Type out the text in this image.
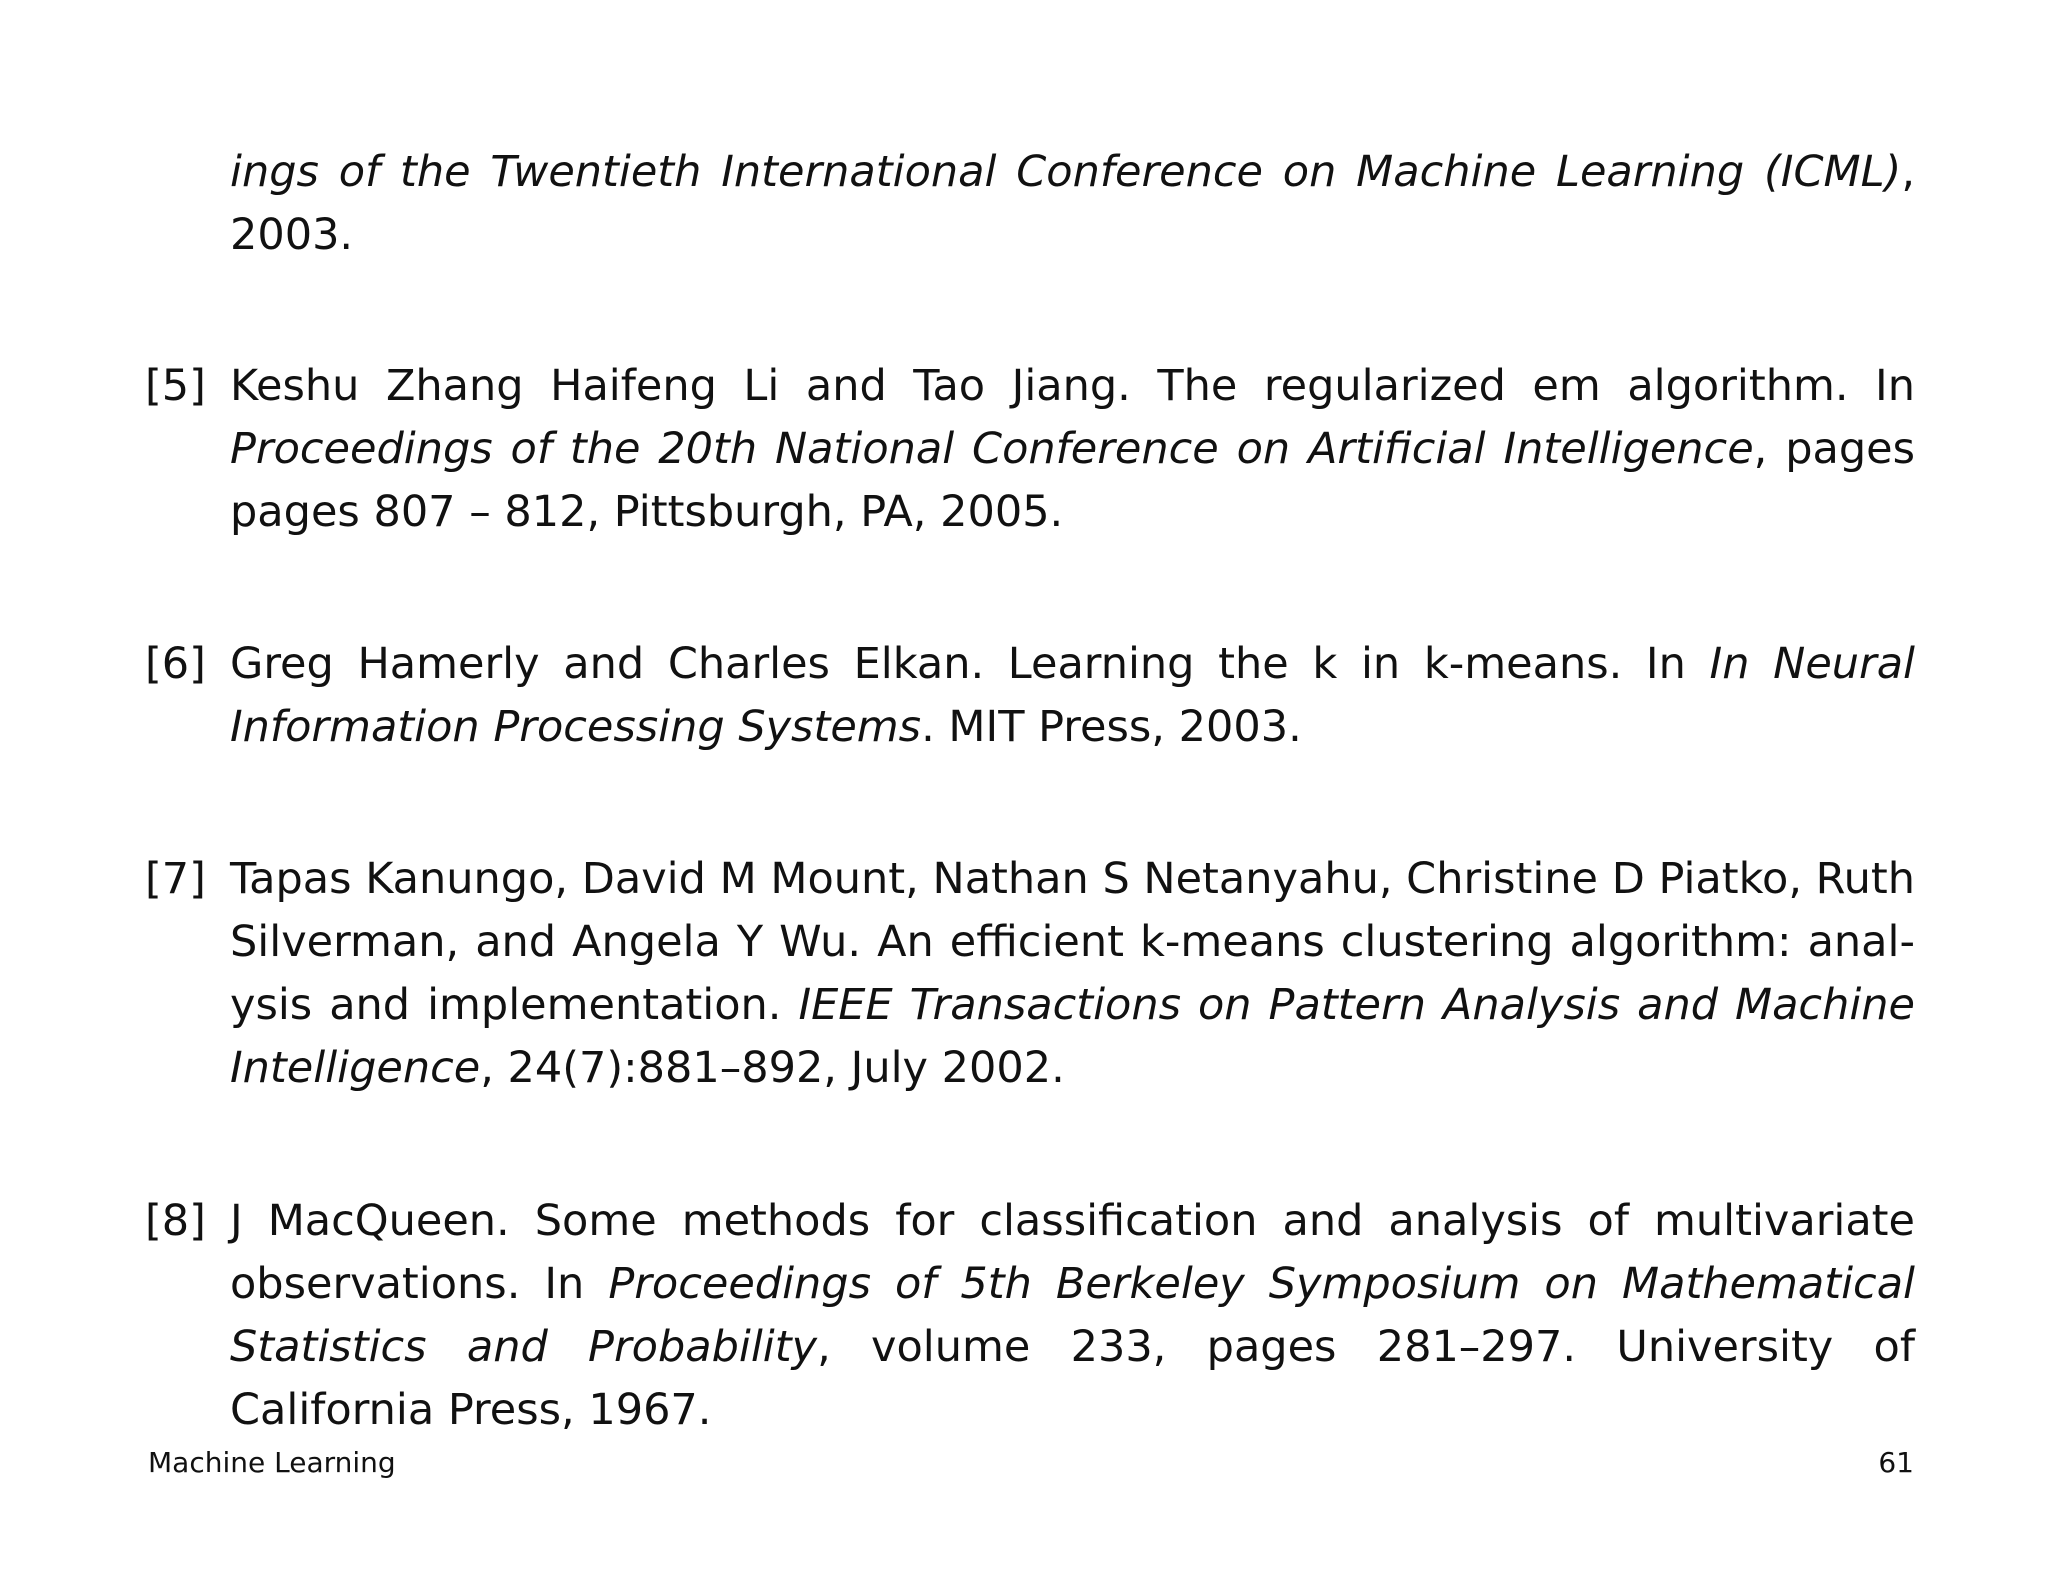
ings of the Twentieth International Conference on Machine Learning (ICML), 2003.
[5] Keshu Zhang Haifeng Li and Tao Jiang. The regularized em algorithm. In Proceedings of the 20th National Conference on Artificial Intelligence, pages pages 807 – 812, Pittsburgh, PA, 2005.
[6] Greg Hamerly and Charles Elkan. Learning the k in k-means. In In Neural Information Processing Systems. MIT Press, 2003.
[7] Tapas Kanungo, David M Mount, Nathan S Netanyahu, Christine D Piatko, Ruth Silverman, and Angela Y Wu. An efficient k-means clustering algorithm: analysis and implementation. IEEE Transactions on Pattern Analysis and Machine Intelligence, 24(7):881–892, July 2002.
[8] J MacQueen. Some methods for classification and analysis of multivariate observations. In Proceedings of 5th Berkeley Symposium on Mathematical Statistics and Probability, volume 233, pages 281–297. University of California Press, 1967.
Machine Learning	61
